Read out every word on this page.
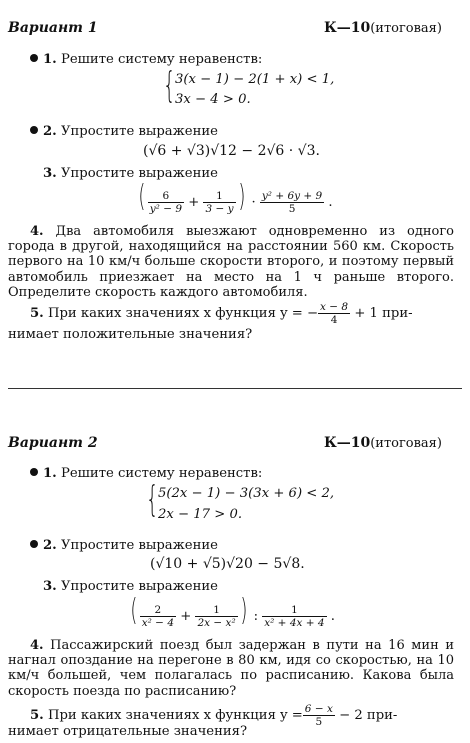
Вариант 1	К—10(итоговая)
1. Решите систему неравенств:
{ 3(x − 1) − 2(1 + x) < 1,
3x − 4 > 0.
2. Упростите выражение
(√6 + √3)√12 − 2√6 · √3.
3. Упростите выражение
( $\frac{6}{\text{y² − 9}} + \frac{1}{3 - y}$ ) · $\frac{\text{y² + 6y + 9}}{5}$ .

4. Два автомобиля выезжают одновременно из одного города в другой, находящийся на расстоянии 560 км. Скорость первого на 10 км/ч больше скорости второго, и поэтому первый автомобиль приезжает на место на 1 ч раньше второго. Определите скорость каждого автомобиля.

5. При каких значениях x функция y = − $\frac{x - 8}{4} + 1$ при-
нимает положительные значения?
Вариант 2	К—10(итоговая)
1. Решите систему неравенств:
{ 5(2x − 1) − 3(3x + 6) < 2,
2x − 17 > 0.
2. Упростите выражение
(√10 + √5)√20 − 5√8.
3. Упростите выражение
( $\frac{2}{\text{x² − 4}} + \frac{1}{\text{2x − x²}}$ ) : $\frac{1}{\text{x² + 4x + 4}}$ .

4. Пассажирский поезд был задержан в пути на 16 мин и нагнал опоздание на перегоне в 80 км, идя со скоростью, на 10 км/ч большей, чем полагалась по расписанию. Какова была скорость поезда по расписанию?

5. При каких значениях x функция $y = \frac{6 - x}{5} - 2$ при-
нимает отрицательные значения?
